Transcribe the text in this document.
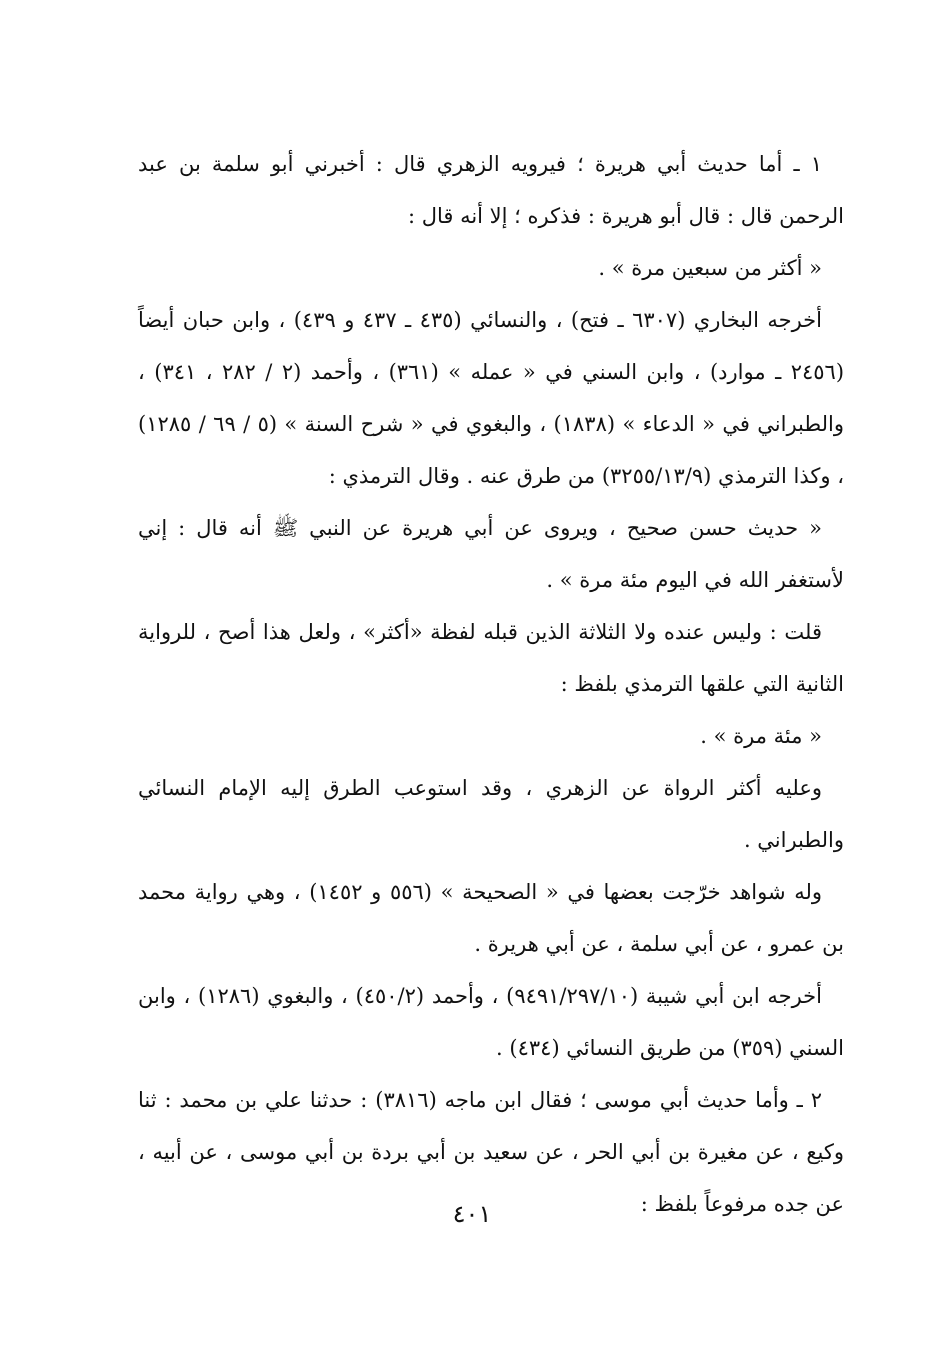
١ ـ أما حديث أبي هريرة ؛ فيرويه الزهري قال : أخبرني أبو سلمة بن عبد الرحمن قال : قال أبو هريرة : فذكره ؛ إلا أنه قال :

« أكثر من سبعين مرة » .

أخرجه البخاري (٦٣٠٧ ـ فتح) ، والنسائي (٤٣٥ ـ ٤٣٧ و ٤٣٩) ، وابن حبان أيضاً (٢٤٥٦ ـ موارد) ، وابن السني في « عمله » (٣٦١) ، وأحمد (٢ / ٢٨٢ ، ٣٤١) ، والطبراني في « الدعاء » (١٨٣٨) ، والبغوي في « شرح السنة » (٥ / ٦٩ / ١٢٨٥) ، وكذا الترمذي (٣٢٥٥/١٣/٩) من طرق عنه . وقال الترمذي :

« حديث حسن صحيح ، ويروى عن أبي هريرة عن النبي ﷺ أنه قال : إني لأستغفر الله في اليوم مئة مرة » .

قلت : وليس عنده ولا الثلاثة الذين قبله لفظة «أكثر» ، ولعل هذا أصح ، للرواية الثانية التي علقها الترمذي بلفظ :

« مئة مرة » .

وعليه أكثر الرواة عن الزهري ، وقد استوعب الطرق إليه الإمام النسائي والطبراني .

وله شواهد خرّجت بعضها في « الصحيحة » (٥٥٦ و ١٤٥٢) ، وهي رواية محمد بن عمرو ، عن أبي سلمة ، عن أبي هريرة .

أخرجه ابن أبي شيبة (٩٤٩١/٢٩٧/١٠) ، وأحمد (٤٥٠/٢) ، والبغوي (١٢٨٦) ، وابن السني (٣٥٩) من طريق النسائي (٤٣٤) .

٢ ـ وأما حديث أبي موسى ؛ فقال ابن ماجه (٣٨١٦) : حدثنا علي بن محمد : ثنا وكيع ، عن مغيرة بن أبي الحر ، عن سعيد بن أبي بردة بن أبي موسى ، عن أبيه ، عن جده مرفوعاً بلفظ :

٤٠١
